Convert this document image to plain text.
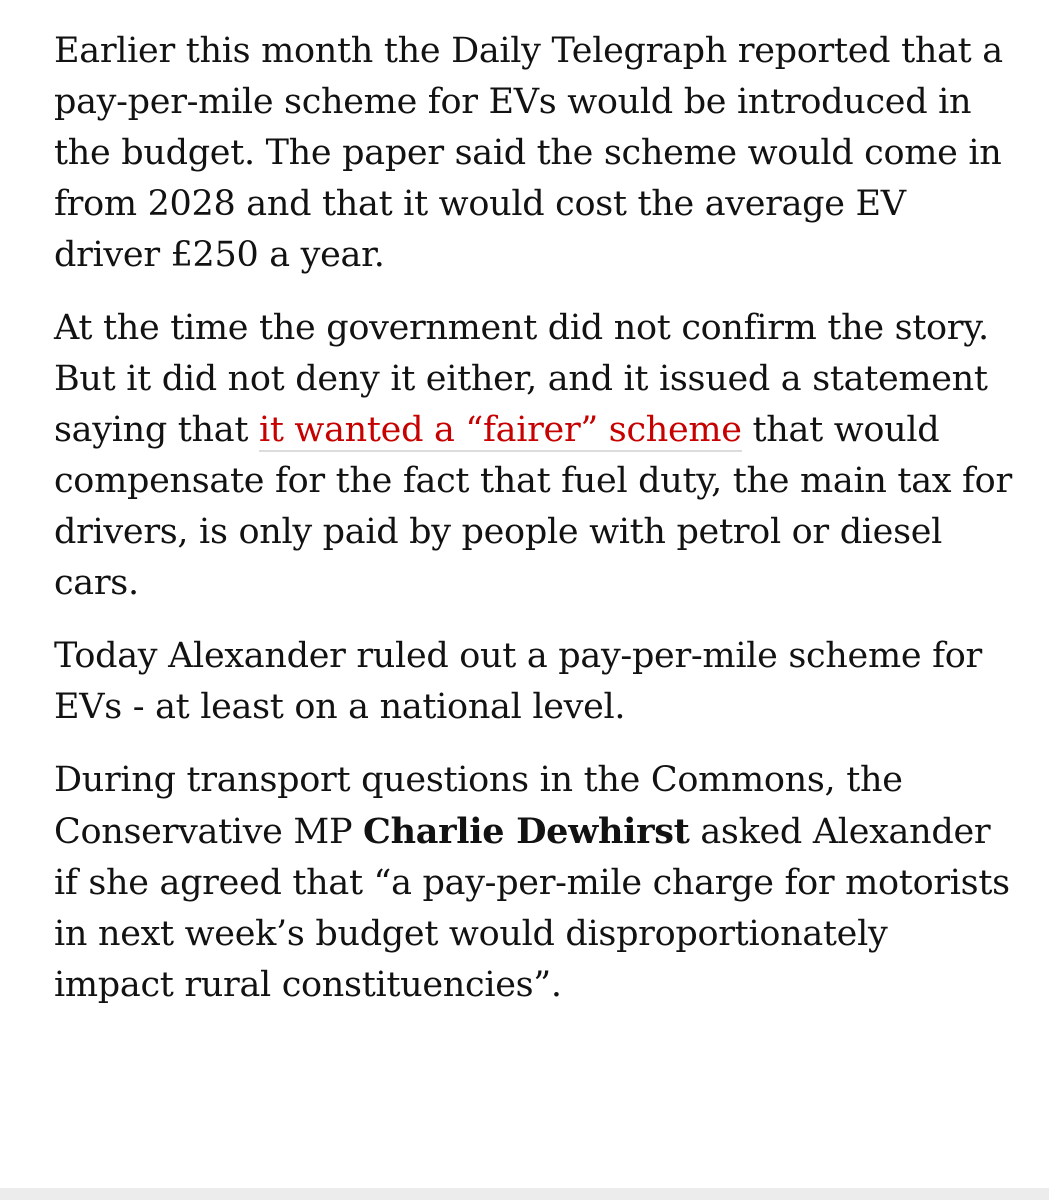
Earlier this month the Daily Telegraph reported that a pay-per-mile scheme for EVs would be introduced in the budget. The paper said the scheme would come in from 2028 and that it would cost the average EV driver £250 a year.

At the time the government did not confirm the story. But it did not deny it either, and it issued a statement saying that it wanted a “fairer” scheme that would compensate for the fact that fuel duty, the main tax for drivers, is only paid by people with petrol or diesel cars.

Today Alexander ruled out a pay-per-mile scheme for EVs - at least on a national level.

During transport questions in the Commons, the Conservative MP Charlie Dewhirst asked Alexander if she agreed that “a pay-per-mile charge for motorists in next week’s budget would disproportionately impact rural constituencies”.
